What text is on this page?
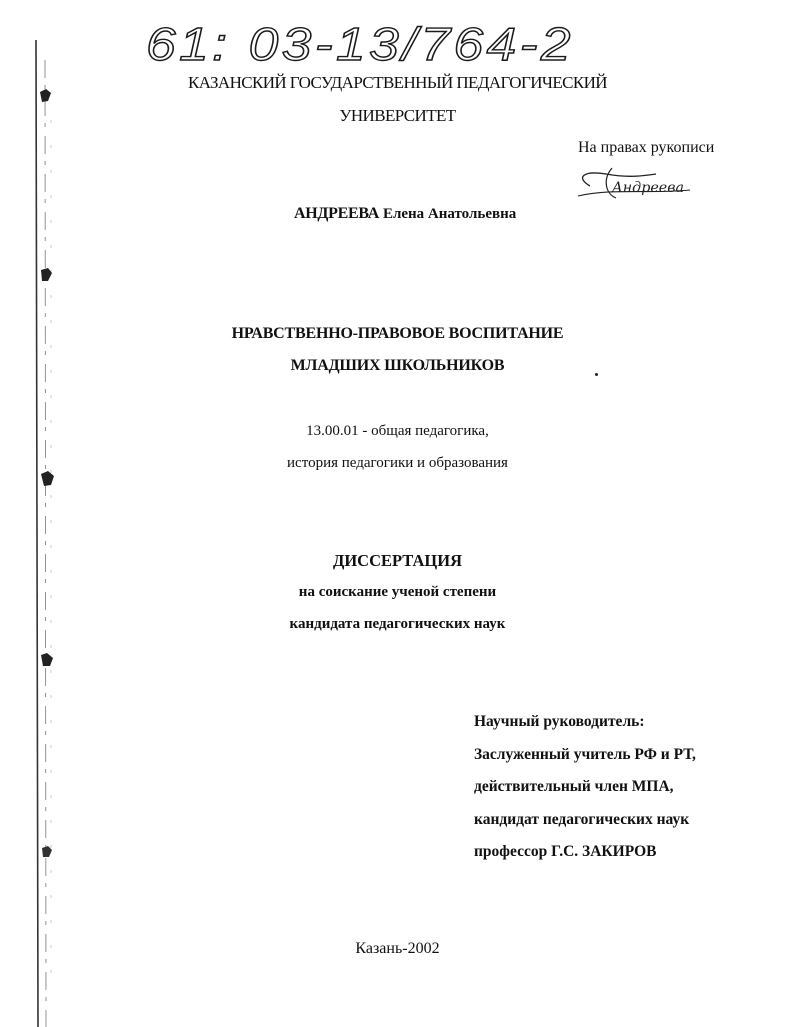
61: 03-13/764-2
КАЗАНСКИЙ ГОСУДАРСТВЕННЫЙ ПЕДАГОГИЧЕСКИЙ
УНИВЕРСИТЕТ
На правах рукописи
Андреева
АНДРЕЕВА Елена Анатольевна
НРАВСТВЕННО-ПРАВОВОЕ ВОСПИТАНИЕ
МЛАДШИХ ШКОЛЬНИКОВ
13.00.01 - общая педагогика,
история педагогики и образования
ДИССЕРТАЦИЯ
на соискание ученой степени
кандидата педагогических наук
Научный руководитель:
Заслуженный учитель РФ и РТ,
действительный член МПА,
кандидат педагогических наук
профессор Г.С. ЗАКИРОВ
Казань-2002
